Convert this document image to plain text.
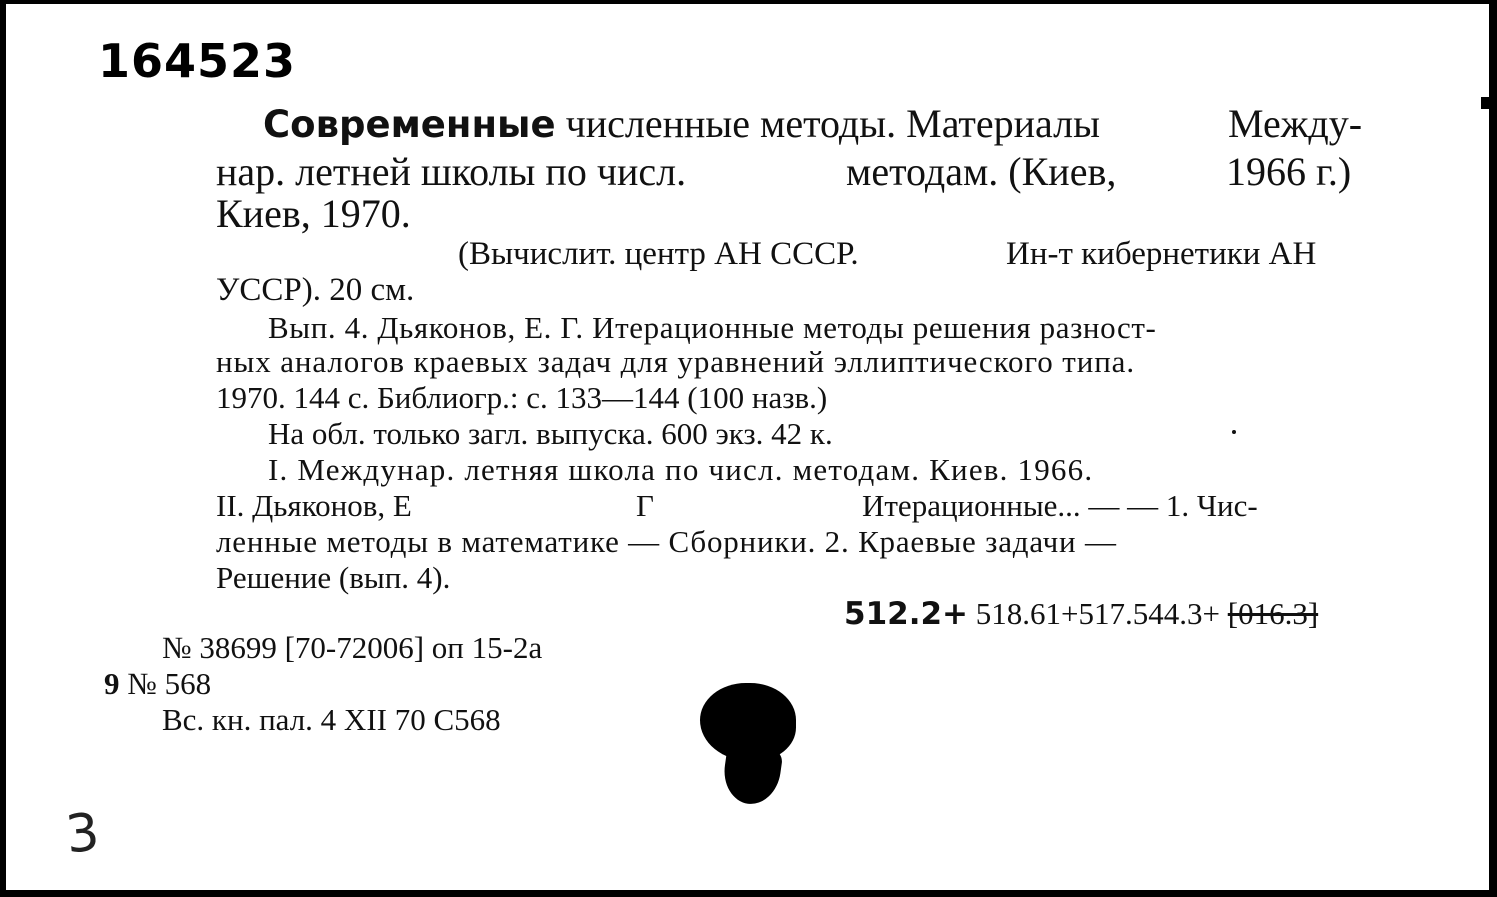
164523
Современные численные методы. Материалы	Между-
нар. летней школы по числ.	методам. (Киев,	1966 г.)
Киев, 1970.
(Вычислит. центр АН СССР.	Ин-т кибернетики АН
УССР). 20 см.
Вып. 4. Дьяконов, Е. Г. Итерационные методы решения разност-
ных аналогов краевых задач для уравнений эллиптического типа.
1970. 144 с. Библиогр.: с. 133—144 (100 назв.)
На обл. только загл. выпуска. 600 экз. 42 к.
I. Междунар. летняя школа по числ. методам. Киев. 1966.
II. Дьяконов, Е	Г	Итерационные... — — 1. Чис-
ленные методы в математике — Сборники. 2. Краевые задачи —
Решение (вып. 4).
512.2+ 518.61+517.544.3+ [016.3]
№ 38699 [70-72006] оп 15-2а
9 № 568
Вс. кн. пал. 4 XII 70 С568
3
